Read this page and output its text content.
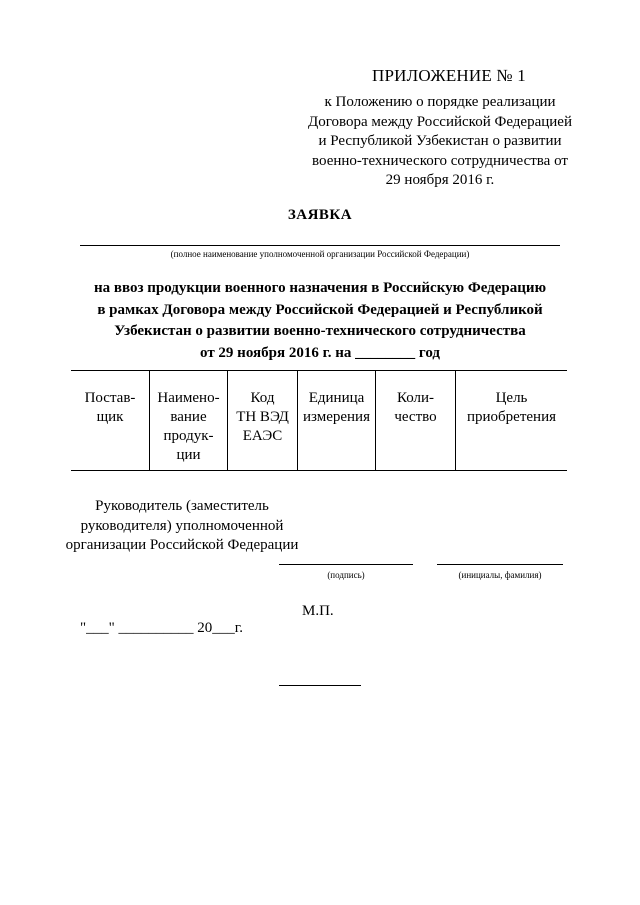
ПРИЛОЖЕНИЕ № 1
к Положению о порядке реализации Договора между Российской Федерацией и Республикой Узбекистан о развитии военно-технического сотрудничества от 29 ноября 2016 г.
ЗАЯВКА
(полное наименование уполномоченной организации Российской Федерации)
на ввоз продукции военного назначения в Российскую Федерацию
в рамках Договора между Российской Федерацией и Республикой
Узбекистан о развитии военно-технического сотрудничества
от 29 ноября 2016 г. на ________ год
Постав-
щик
Наимено-
вание
продук-
ции
Код
ТН ВЭД
ЕАЭС
Единица
измерения
Коли-
чество
Цель
приобретения
Руководитель (заместитель руководителя) уполномоченной организации Российской Федерации
(подпись)	(инициалы, фамилия)
М.П.
"___" __________ 20___г.
